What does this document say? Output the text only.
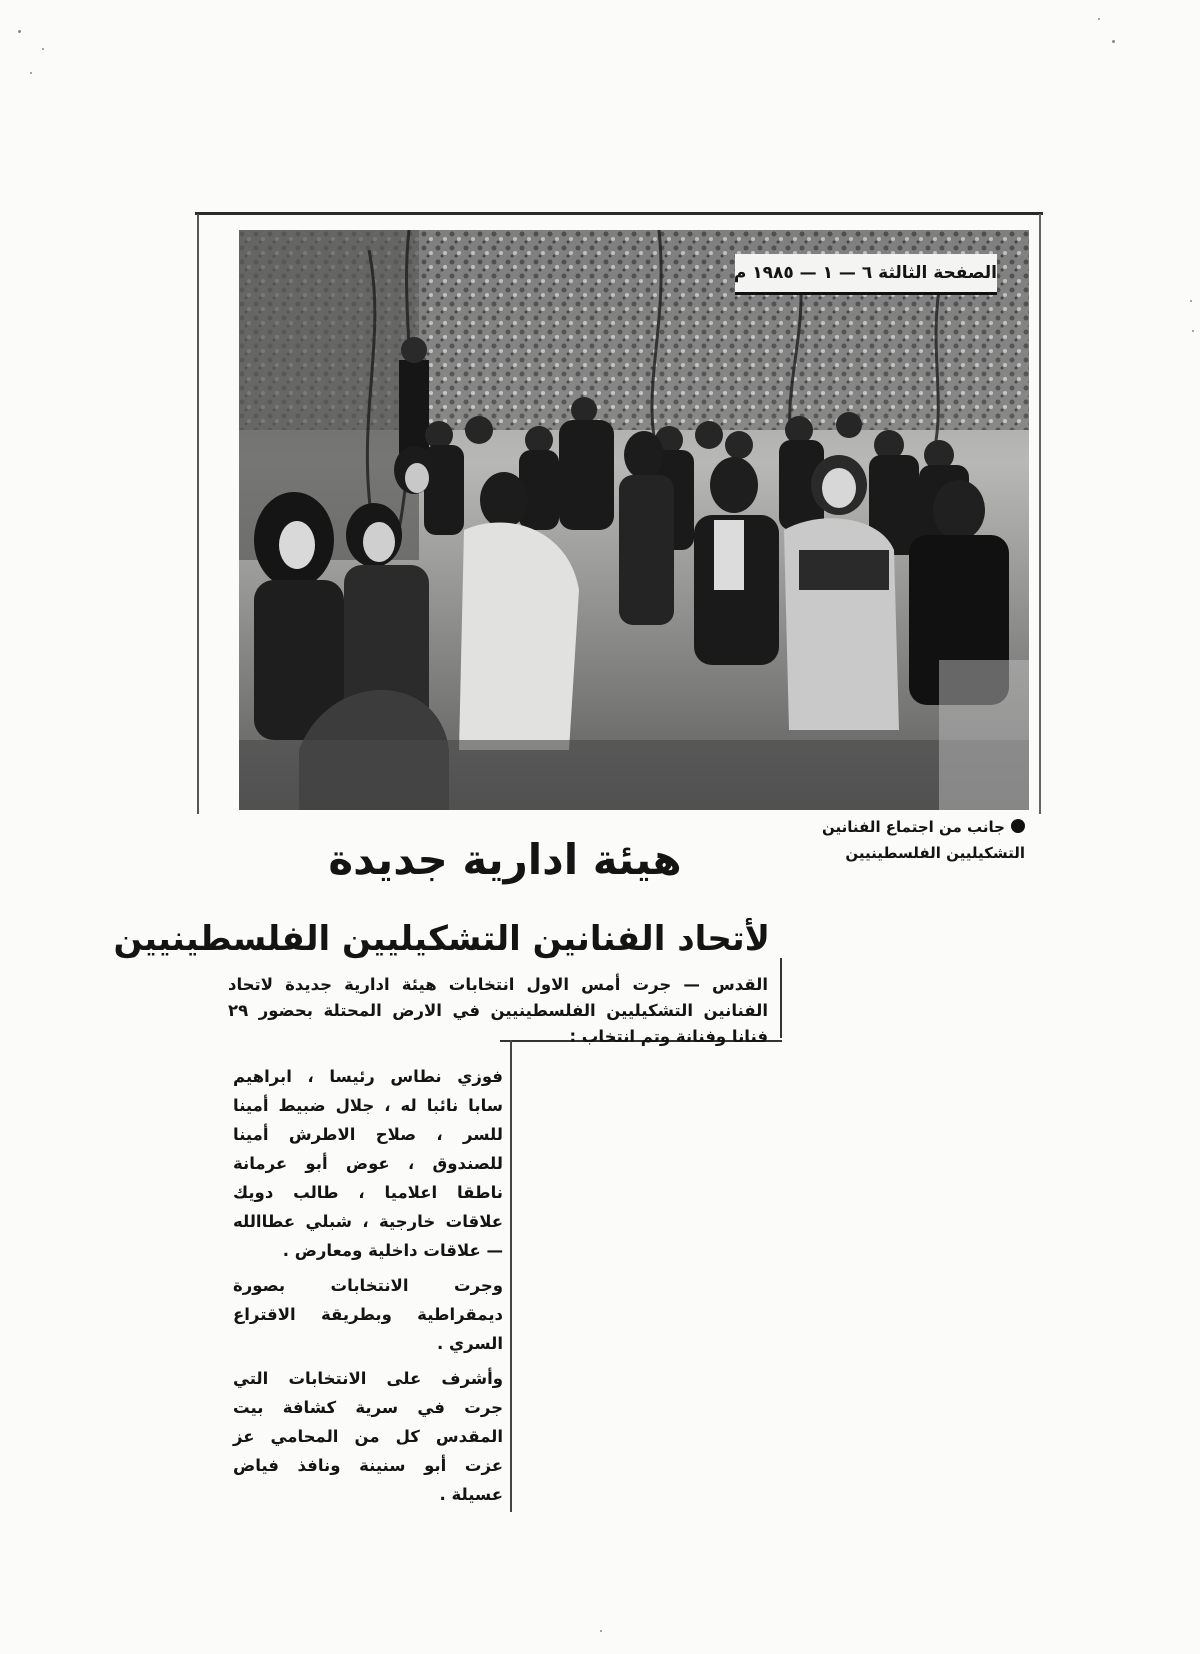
الصفحة الثالثة ٦ — ١ — ١٩٨٥ م
جانب من اجتماع الفنانين التشكيليين الفلسطينيين
هيئة ادارية جديدة
لأتحاد الفنانين التشكيليين الفلسطينيين
القدس — جرت أمس الاول انتخابات هيئة ادارية جديدة لاتحاد الفنانين التشكيليين الفلسطينيين في الارض المحتلة بحضور ٢٩ فنانا وفنانة وتم انتخاب :

فوزي نطاس رئيسا ، ابراهيم سابا نائبا له ، جلال ضبيط أمينا للسر ، صلاح الاطرش أمينا للصندوق ، عوض أبو عرمانة ناطقا اعلاميا ، طالب دويك علاقات خارجية ، شبلي عطاالله — علاقات داخلية ومعارض .

وجرت الانتخابات بصورة ديمقراطية وبطريقة الاقتراع السري .

وأشرف على الانتخابات التي جرت في سرية كشافة بيت المقدس كل من المحامي عز عزت أبو سنينة ونافذ فياض عسيلة .
